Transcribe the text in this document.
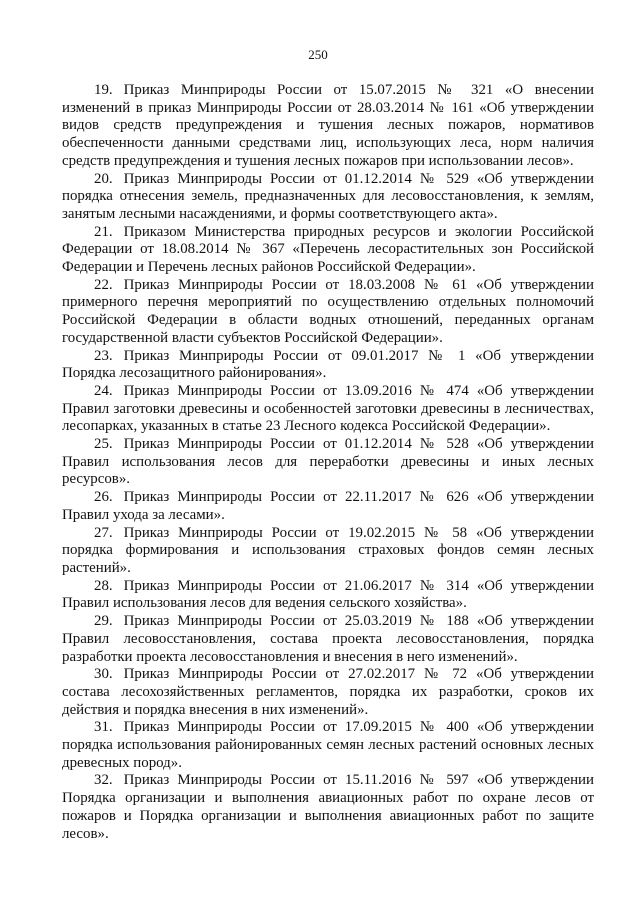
250

19. Приказ Минприроды России от 15.07.2015 № 321 «О внесении изменений в приказ Минприроды России от 28.03.2014 № 161 «Об утверждении видов средств предупреждения и тушения лесных пожаров, нормативов обеспеченности данными средствами лиц, использующих леса, норм наличия средств предупреждения и тушения лесных пожаров при использовании лесов».

20. Приказ Минприроды России от 01.12.2014 № 529 «Об утверждении порядка отнесения земель, предназначенных для лесовосстановления, к землям, занятым лесными насаждениями, и формы соответствующего акта».

21. Приказом Министерства природных ресурсов и экологии Российской Федерации от 18.08.2014 № 367 «Перечень лесорастительных зон Российской Федерации и Перечень лесных районов Российской Федерации».

22. Приказ Минприроды России от 18.03.2008 № 61 «Об утверждении примерного перечня мероприятий по осуществлению отдельных полномочий Российской Федерации в области водных отношений, переданных органам государственной власти субъектов Российской Федерации».

23. Приказ Минприроды России от 09.01.2017 № 1 «Об утверждении Порядка лесозащитного районирования».

24. Приказ Минприроды России от 13.09.2016 № 474 «Об утверждении Правил заготовки древесины и особенностей заготовки древесины в лесничествах, лесопарках, указанных в статье 23 Лесного кодекса Российской Федерации».

25. Приказ Минприроды России от 01.12.2014 № 528 «Об утверждении Правил использования лесов для переработки древесины и иных лесных ресурсов».

26. Приказ Минприроды России от 22.11.2017 № 626 «Об утверждении Правил ухода за лесами».

27. Приказ Минприроды России от 19.02.2015 № 58 «Об утверждении порядка формирования и использования страховых фондов семян лесных растений».

28. Приказ Минприроды России от 21.06.2017 № 314 «Об утверждении Правил использования лесов для ведения сельского хозяйства».

29. Приказ Минприроды России от 25.03.2019 № 188 «Об утверждении Правил лесовосстановления, состава проекта лесовосстановления, порядка разработки проекта лесовосстановления и внесения в него изменений».

30. Приказ Минприроды России от 27.02.2017 № 72 «Об утверждении состава лесохозяйственных регламентов, порядка их разработки, сроков их действия и порядка внесения в них изменений».

31. Приказ Минприроды России от 17.09.2015 № 400 «Об утверждении порядка использования районированных семян лесных растений основных лесных древесных пород».

32. Приказ Минприроды России от 15.11.2016 № 597 «Об утверждении Порядка организации и выполнения авиационных работ по охране лесов от пожаров и Порядка организации и выполнения авиационных работ по защите лесов».
